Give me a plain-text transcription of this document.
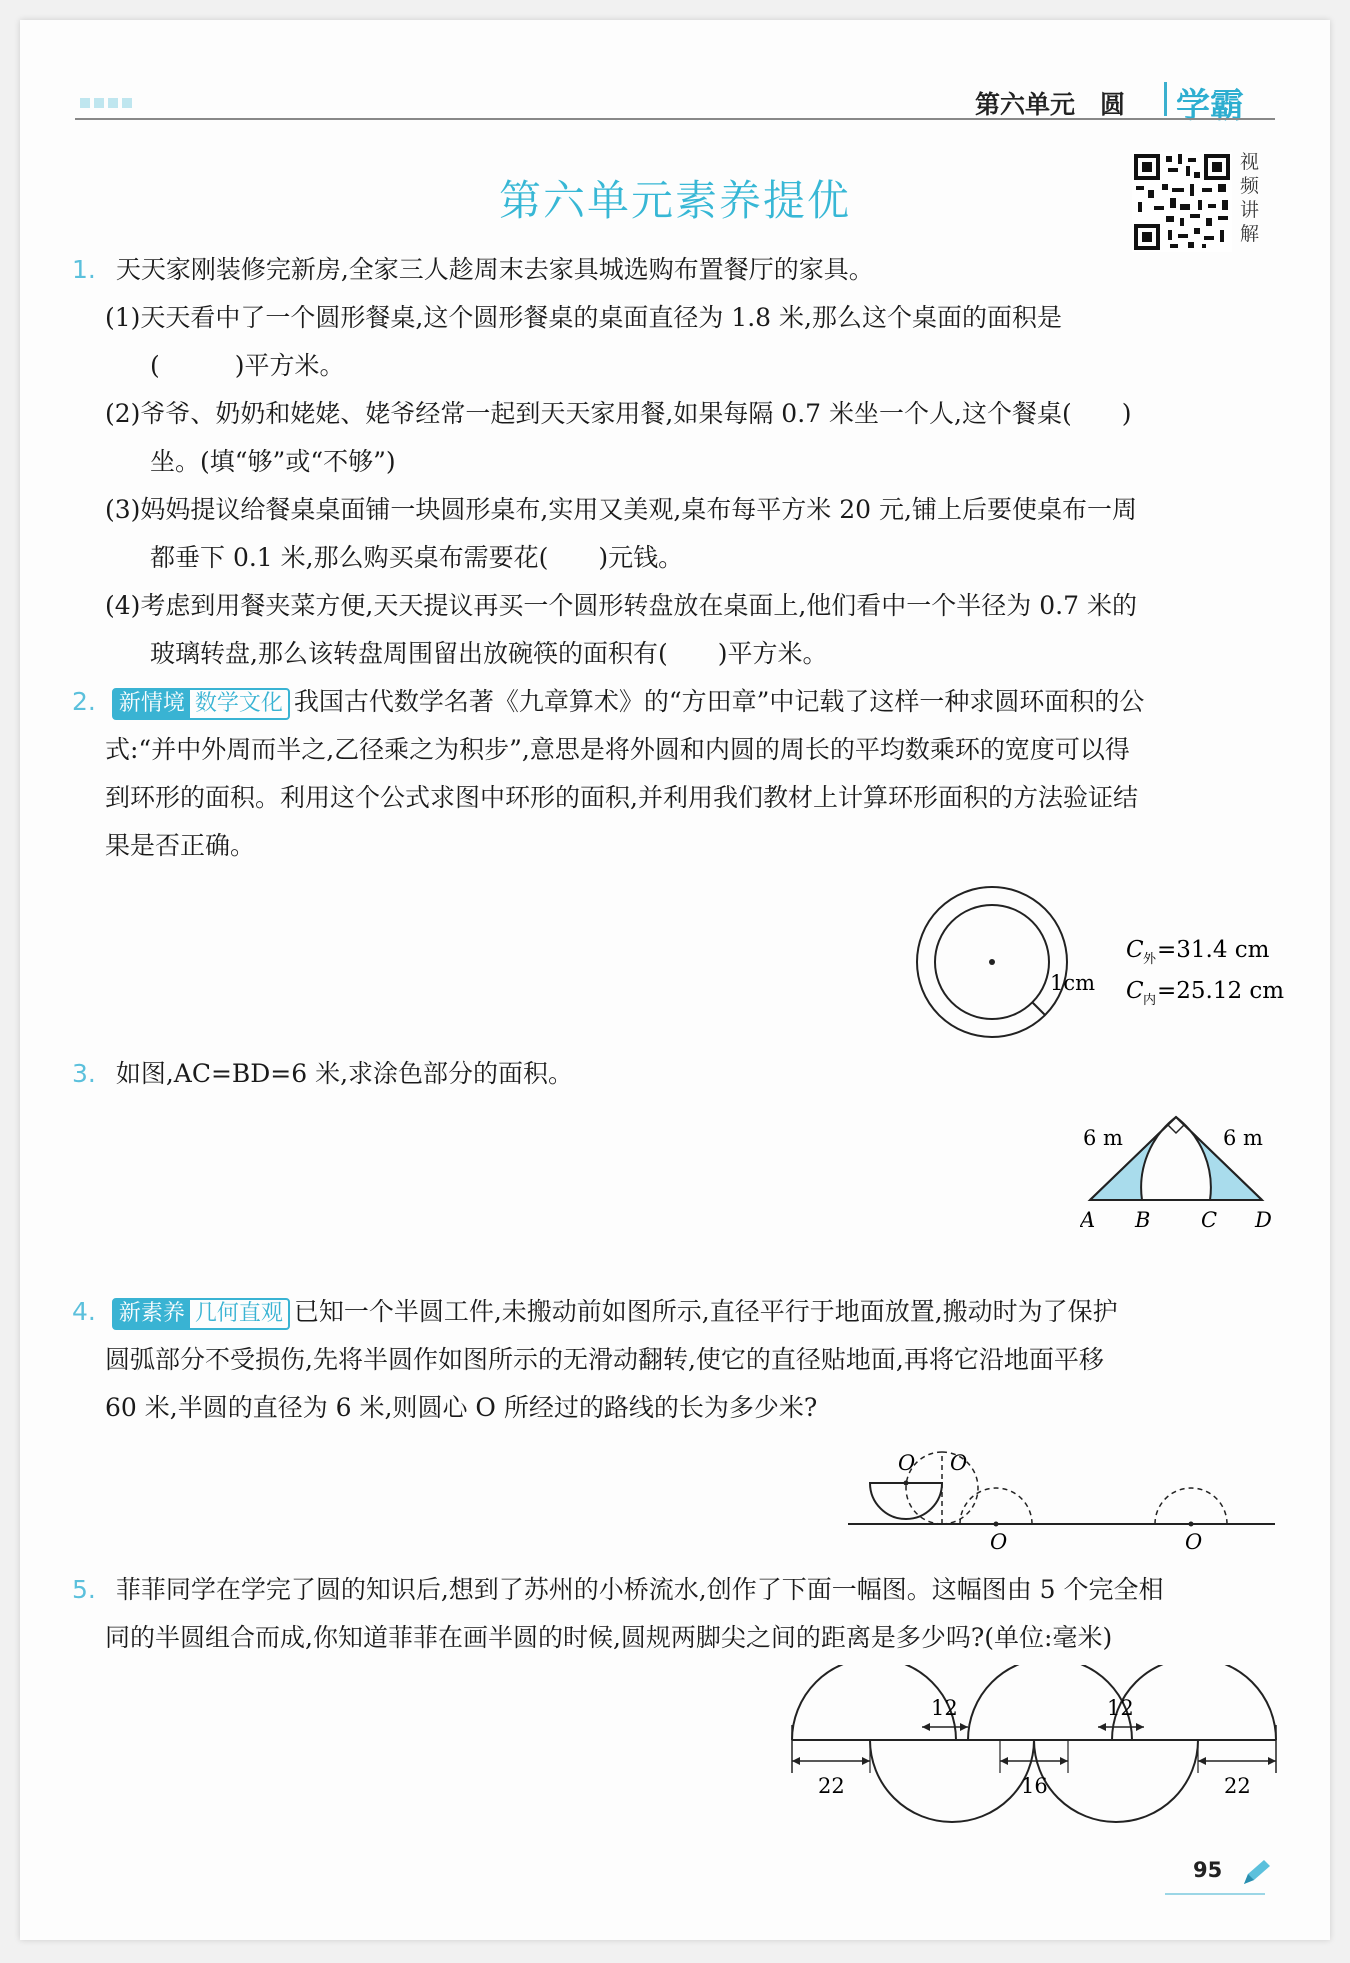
第六单元　圆 学霸
第六单元素养提优
视频讲解
1. 天天家刚装修完新房,全家三人趁周末去家具城选购布置餐厅的家具。
(1)天天看中了一个圆形餐桌,这个圆形餐桌的桌面直径为 1.8 米,那么这个桌面的面积是
(　　　)平方米。
(2)爷爷、奶奶和姥姥、姥爷经常一起到天天家用餐,如果每隔 0.7 米坐一个人,这个餐桌(　　)
坐。(填“够”或“不够”)
(3)妈妈提议给餐桌桌面铺一块圆形桌布,实用又美观,桌布每平方米 20 元,铺上后要使桌布一周
都垂下 0.1 米,那么购买桌布需要花(　　)元钱。
(4)考虑到用餐夹菜方便,天天提议再买一个圆形转盘放在桌面上,他们看中一个半径为 0.7 米的
玻璃转盘,那么该转盘周围留出放碗筷的面积有(　　)平方米。
2. 新情境 数学文化 我国古代数学名著《九章算术》的“方田章”中记载了这样一种求圆环面积的公
式:“并中外周而半之,乙径乘之为积步”,意思是将外圆和内圆的周长的平均数乘环的宽度可以得
到环形的面积。利用这个公式求图中环形的面积,并利用我们教材上计算环形面积的方法验证结
果是否正确。
1cm
C 外 =31.4 cm
C 内 =25.12 cm
3. 如图,AC=BD=6 米,求涂色部分的面积。
6 m	6 m
A B C D
4. 新素养 几何直观 已知一个半圆工件,未搬动前如图所示,直径平行于地面放置,搬动时为了保护
圆弧部分不受损伤,先将半圆作如图所示的无滑动翻转,使它的直径贴地面,再将它沿地面平移
60 米,半圆的直径为 6 米,则圆心 O 所经过的路线的长为多少米?
O O
O	O
5. 菲菲同学在学完了圆的知识后,想到了苏州的小桥流水,创作了下面一幅图。这幅图由 5 个完全相
同的半圆组合而成,你知道菲菲在画半圆的时候,圆规两脚尖之间的距离是多少吗?(单位:毫米)
12	12
22	16	22
95
